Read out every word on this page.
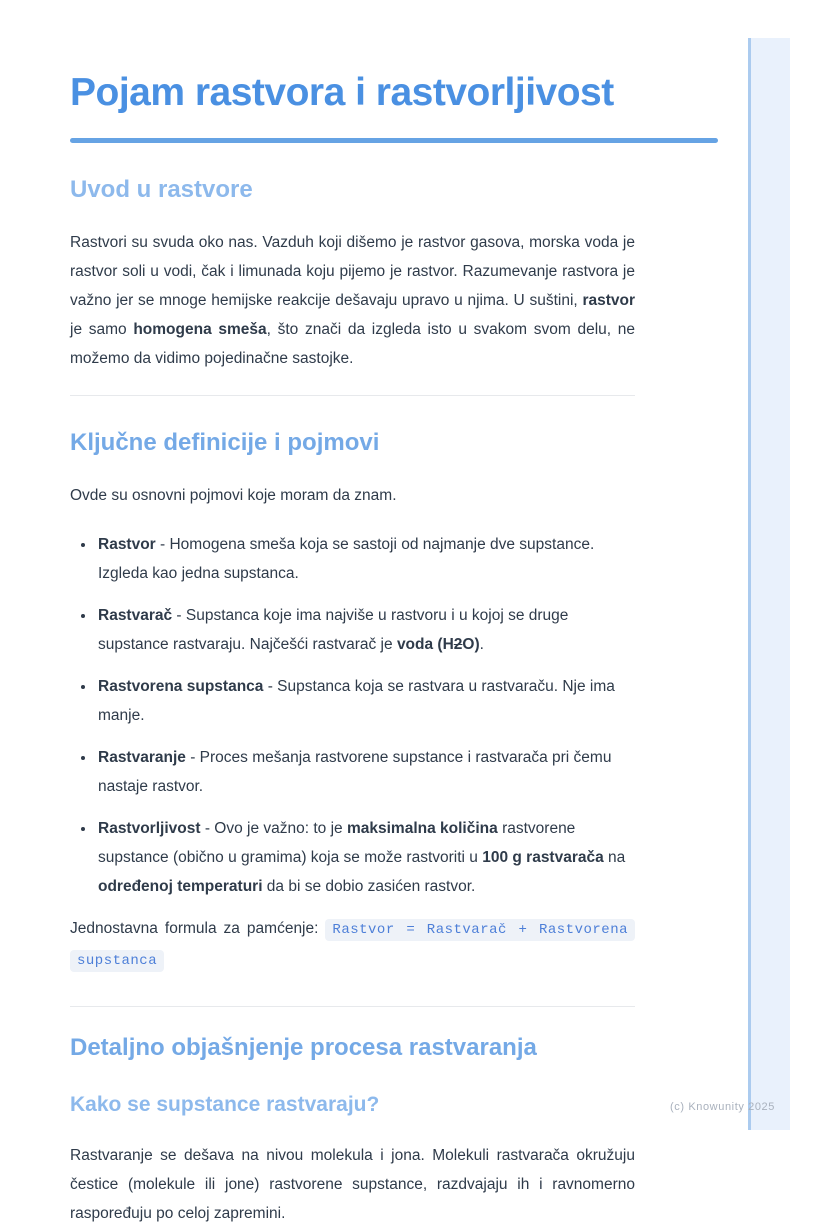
Pojam rastvora i rastvorljivost
Uvod u rastvore

Rastvori su svuda oko nas. Vazduh koji dišemo je rastvor gasova, morska voda je rastvor soli u vodi, čak i limunada koju pijemo je rastvor. Razumevanje rastvora je važno jer se mnoge hemijske reakcije dešavaju upravo u njima. U suštini, rastvor je samo homogena smeša, što znači da izgleda isto u svakom svom delu, ne možemo da vidimo pojedinačne sastojke.

Ključne definicije i pojmovi

Ovde su osnovni pojmovi koje moram da znam.

• Rastvor - Homogena smeša koja se sastoji od najmanje dve supstance. Izgleda kao jedna supstanca.
• Rastvarač - Supstanca koje ima najviše u rastvoru i u kojoj se druge supstance rastvaraju. Najčešći rastvarač je voda (H2O).
• Rastvorena supstanca - Supstanca koja se rastvara u rastvaraču. Nje ima manje.
• Rastvaranje - Proces mešanja rastvorene supstance i rastvarača pri čemu nastaje rastvor.
• Rastvorljivost - Ovo je važno: to je maksimalna količina rastvorene supstance (obično u gramima) koja se može rastvoriti u 100 g rastvarača na određenoj temperaturi da bi se dobio zasićen rastvor.

Jednostavna formula za pamćenje: Rastvor = Rastvarač + Rastvorena supstanca

Detaljno objašnjenje procesa rastvaranja
Kako se supstance rastvaraju?

Rastvaranje se dešava na nivou molekula i jona. Molekuli rastvarača okružuju čestice (molekule ili jone) rastvorene supstance, razdvajaju ih i ravnomerno raspoređuju po celoj zapremini.

(c) Knowunity 2025
